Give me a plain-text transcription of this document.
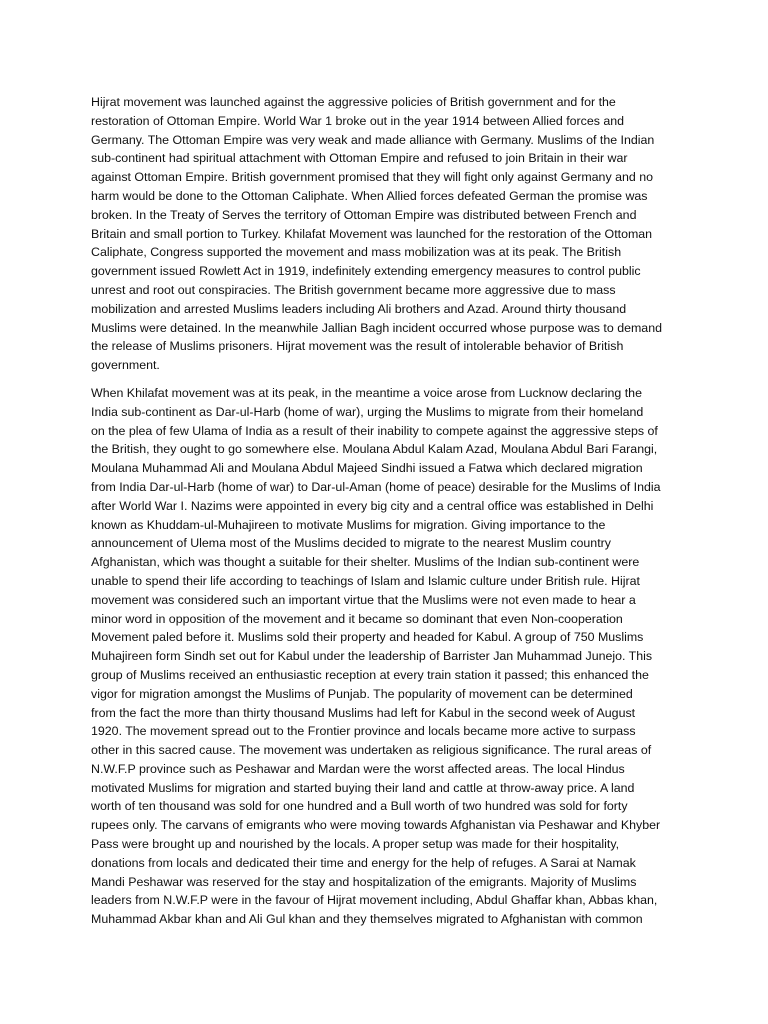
Hijrat movement was launched against the aggressive policies of British government and for the
restoration of Ottoman Empire. World War 1 broke out in the year 1914 between Allied forces and
Germany. The Ottoman Empire was very weak and made alliance with Germany. Muslims of the Indian
sub-continent had spiritual attachment with Ottoman Empire and refused to join Britain in their war
against Ottoman Empire. British government promised that they will fight only against Germany and no
harm would be done to the Ottoman Caliphate. When Allied forces defeated German the promise was
broken. In the Treaty of Serves the territory of Ottoman Empire was distributed between French and
Britain and small portion to Turkey. Khilafat Movement was launched for the restoration of the Ottoman
Caliphate, Congress supported the movement and mass mobilization was at its peak. The British
government issued Rowlett Act in 1919, indefinitely extending emergency measures to control public
unrest and root out conspiracies. The British government became more aggressive due to mass
mobilization and arrested Muslims leaders including Ali brothers and Azad. Around thirty thousand
Muslims were detained. In the meanwhile Jallian Bagh incident occurred whose purpose was to demand
the release of Muslims prisoners. Hijrat movement was the result of intolerable behavior of British
government.

When Khilafat movement was at its peak, in the meantime a voice arose from Lucknow declaring the
India sub-continent as Dar-ul-Harb (home of war), urging the Muslims to migrate from their homeland
on the plea of few Ulama of India as a result of their inability to compete against the aggressive steps of
the British, they ought to go somewhere else. Moulana Abdul Kalam Azad, Moulana Abdul Bari Farangi,
Moulana Muhammad Ali and Moulana Abdul Majeed Sindhi issued a Fatwa which declared migration
from India Dar-ul-Harb (home of war) to Dar-ul-Aman (home of peace) desirable for the Muslims of India
after World War I. Nazims were appointed in every big city and a central office was established in Delhi
known as Khuddam-ul-Muhajireen to motivate Muslims for migration. Giving importance to the
announcement of Ulema most of the Muslims decided to migrate to the nearest Muslim country
Afghanistan, which was thought a suitable for their shelter. Muslims of the Indian sub-continent were
unable to spend their life according to teachings of Islam and Islamic culture under British rule. Hijrat
movement was considered such an important virtue that the Muslims were not even made to hear a
minor word in opposition of the movement and it became so dominant that even Non-cooperation
Movement paled before it. Muslims sold their property and headed for Kabul. A group of 750 Muslims
Muhajireen form Sindh set out for Kabul under the leadership of Barrister Jan Muhammad Junejo. This
group of Muslims received an enthusiastic reception at every train station it passed; this enhanced the
vigor for migration amongst the Muslims of Punjab. The popularity of movement can be determined
from the fact the more than thirty thousand Muslims had left for Kabul in the second week of August
1920. The movement spread out to the Frontier province and locals became more active to surpass
other in this sacred cause. The movement was undertaken as religious significance. The rural areas of
N.W.F.P province such as Peshawar and Mardan were the worst affected areas. The local Hindus
motivated Muslims for migration and started buying their land and cattle at throw-away price. A land
worth of ten thousand was sold for one hundred and a Bull worth of two hundred was sold for forty
rupees only. The carvans of emigrants who were moving towards Afghanistan via Peshawar and Khyber
Pass were brought up and nourished by the locals. A proper setup was made for their hospitality,
donations from locals and dedicated their time and energy for the help of refuges. A Sarai at Namak
Mandi Peshawar was reserved for the stay and hospitalization of the emigrants. Majority of Muslims
leaders from N.W.F.P were in the favour of Hijrat movement including, Abdul Ghaffar khan, Abbas khan,
Muhammad Akbar khan and Ali Gul khan and they themselves migrated to Afghanistan with common
